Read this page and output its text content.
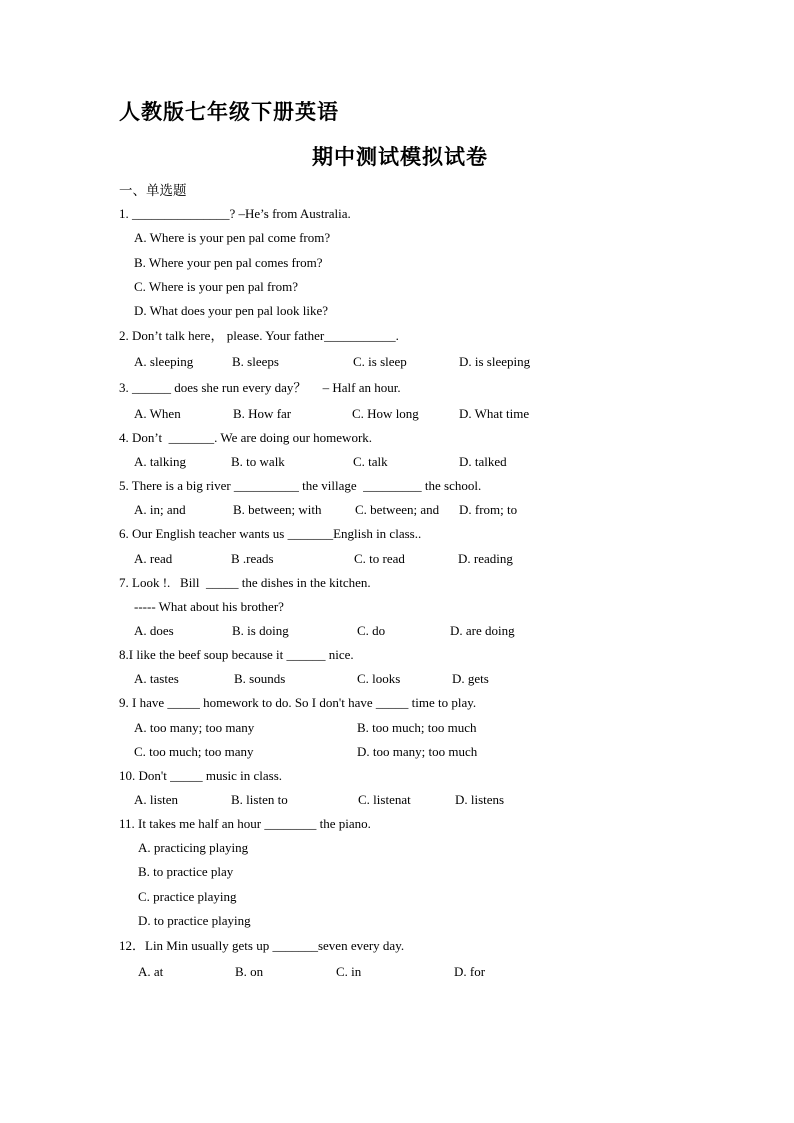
人教版七年级下册英语
期中测试模拟试卷
一、单选题
1. _______________? –He’s from Australia.
A. Where is your pen pal come from?
B. Where your pen pal comes from?
C. Where is your pen pal from?
D. What does your pen pal look like?
2. Don’t talk here， please. Your father___________.
A. sleeping	B. sleeps	C. is sleep	D. is sleeping
3. ______ does she run every day？     – Half an hour.
A. When	B. How far	C. How long	D. What time
4. Don’t  _______. We are doing our homework.
A. talking	B. to walk	C. talk	D. talked
5. There is a big river __________ the village  _________ the school.
A. in; and	B. between; with	C. between; and D. from; to
6. Our English teacher wants us _______English in class..
A. read	B .reads	C. to read	D. reading
7. Look !.   Bill  _____ the dishes in the kitchen.
----- What about his brother?
A. does	B. is doing	C. do	D. are doing
8.I like the beef soup because it ______ nice.
A. tastes	B. sounds	C. looks	D. gets
9. I have _____ homework to do. So I don't have _____ time to play.
A. too many; too many	B. too much; too much
C. too much; too many	D. too many; too much
10. Don't _____ music in class.
A. listen	B. listen to	C. listenat	D. listens
11. It takes me half an hour ________ the piano.
A. practicing playing
B. to practice play
C. practice playing
D. to practice playing
12．Lin Min usually gets up _______seven every day.
A. at	B. on	C. in	D. for
